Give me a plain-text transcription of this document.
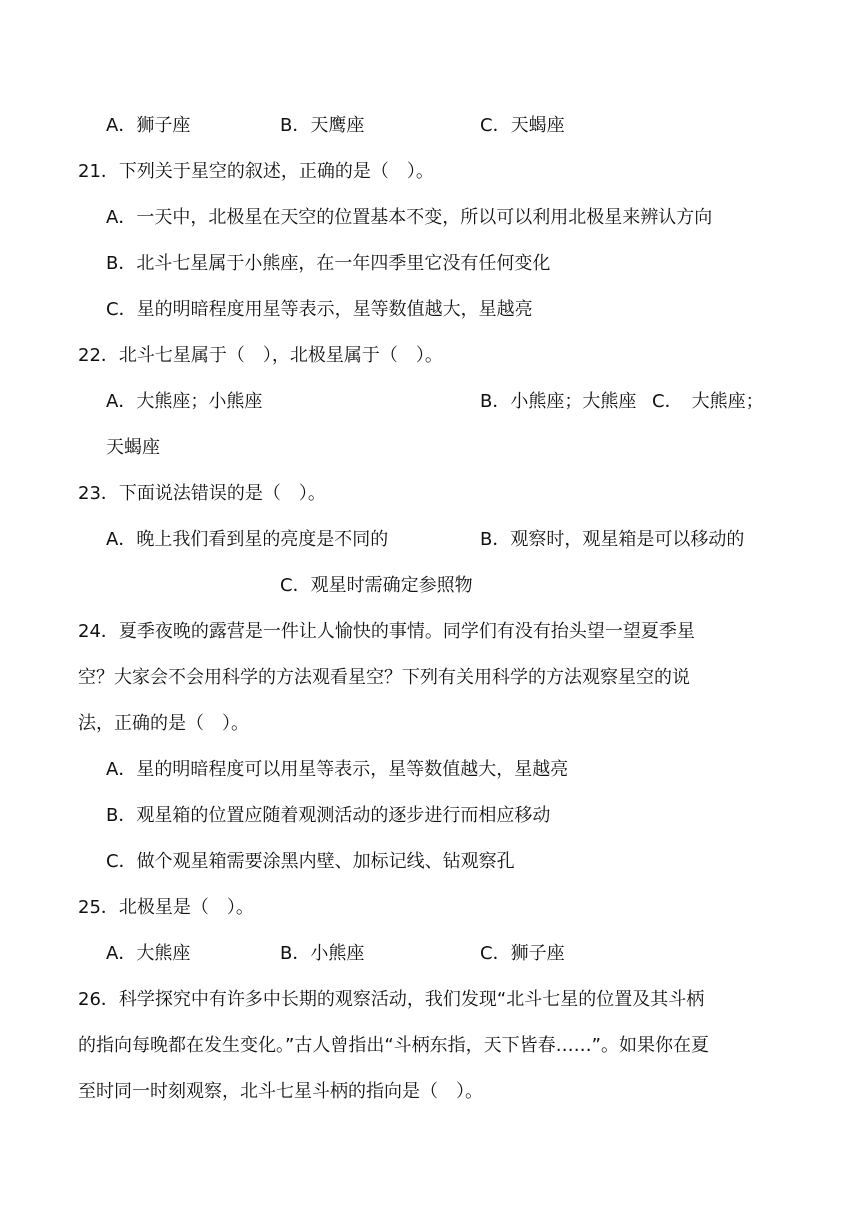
A．狮子座	B．天鹰座	C．天蝎座
21．下列关于星空的叙述，正确的是（　）。
A．一天中，北极星在天空的位置基本不变，所以可以利用北极星来辨认方向
B．北斗七星属于小熊座，在一年四季里它没有任何变化
C．星的明暗程度用星等表示，星等数值越大，星越亮
22．北斗七星属于（　），北极星属于（　）。
A．大熊座；小熊座	B．小熊座；大熊座 C．　大熊座；
天蝎座
23．下面说法错误的是（　）。
A．晚上我们看到星的亮度是不同的	B．观察时，观星箱是可以移动的
C．观星时需确定参照物
24．夏季夜晚的露营是一件让人愉快的事情。同学们有没有抬头望一望夏季星
空？大家会不会用科学的方法观看星空？下列有关用科学的方法观察星空的说
法，正确的是（　）。
A．星的明暗程度可以用星等表示，星等数值越大，星越亮
B．观星箱的位置应随着观测活动的逐步进行而相应移动
C．做个观星箱需要涂黑内壁、加标记线、钻观察孔
25．北极星是（　）。
A．大熊座	B．小熊座	C．狮子座
26．科学探究中有许多中长期的观察活动，我们发现“北斗七星的位置及其斗柄
的指向每晚都在发生变化。”古人曾指出“斗柄东指，天下皆春……”。如果你在夏
至时同一时刻观察，北斗七星斗柄的指向是（　）。
